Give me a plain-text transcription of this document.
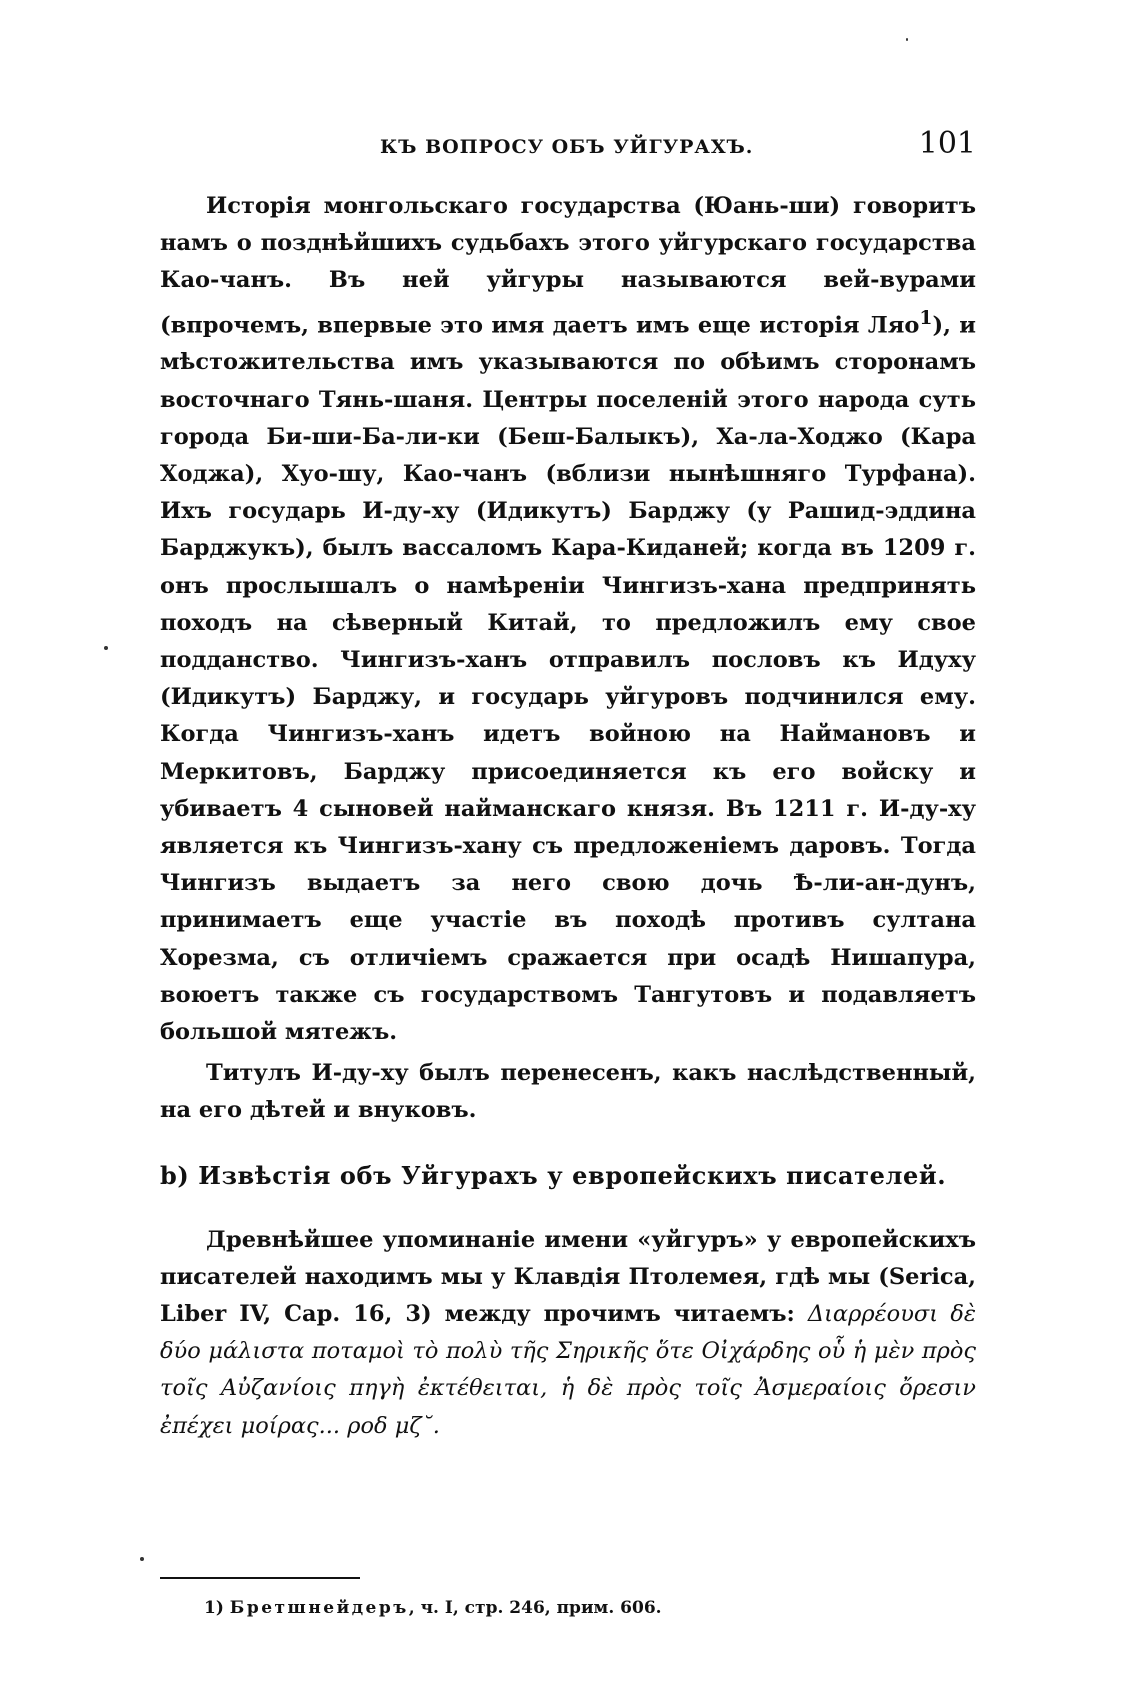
КЪ ВОПРОСУ ОБЪ УЙГУРАХЪ.	101

Исторія монгольскаго государства (Юань-ши) говоритъ намъ о позднѣйшихъ судьбахъ этого уйгурскаго государства Као-чанъ. Въ ней уйгуры называются вей-вурами (впрочемъ, впервые это имя даетъ имъ еще исторія Ляо$^1$), и мѣстожительства имъ указываются по обѣимъ сторонамъ восточнаго Тянь-шаня. Центры поселеній этого народа суть города Би-ши-Ба-ли-ки (Беш-Балыкъ), Ха-ла-Ходжо (Кара Ходжа), Хуо-шу, Као-чанъ (вблизи нынѣшняго Турфана). Ихъ государь И-ду-ху (Идикутъ) Барджу (у Рашид-эддина Барджукъ), былъ вассаломъ Кара-Киданей; когда въ 1209 г. онъ прослышалъ о намѣреніи Чингизъ-хана предпринять походъ на сѣверный Китай, то предложилъ ему свое подданство. Чингизъ-ханъ отправилъ пословъ къ Идуху (Идикутъ) Барджу, и государь уйгуровъ подчинился ему. Когда Чингизъ-ханъ идетъ войною на Наймановъ и Меркитовъ, Барджу присоединяется къ его войску и убиваетъ 4 сыновей найманскаго князя. Въ 1211 г. И-ду-ху является къ Чингизъ-хану съ предложеніемъ даровъ. Тогда Чингизъ выдаетъ за него свою дочь Ѣ-ли-ан-дунъ, принимаетъ еще участіе въ походѣ противъ султана Хорезма, съ отличіемъ сражается при осадѣ Нишапура, воюетъ также съ государствомъ Тангутовъ и подавляетъ большой мятежъ.

Титулъ И-ду-ху былъ перенесенъ, какъ наслѣдственный, на его дѣтей и внуковъ.

b) Извѣстія объ Уйгурахъ у европейскихъ писателей.

Древнѣйшее упоминаніе имени «уйгуръ» у европейскихъ писателей находимъ мы у Клавдія Птолемея, гдѣ мы (Serica, Liber IV, Cap. 16, 3) между прочимъ читаемъ: Διαρρέουσι δὲ δύο μάλιστα ποταμοὶ τὸ πολὺ τῆς Σηρικῆς ὅτε Οἰχάρδης οὗ ἡ μὲν πρὸς τοῖς Αὐζανίοις πηγὴ ἐκτέθειται, ἡ δὲ πρὸς τοῖς Ἀσμεραίοις ὄρεσιν ἐπέχει μοίρας... ροδ μζ˘.

1) Бретшнейдеръ, ч. I, стр. 246, прим. 606.
